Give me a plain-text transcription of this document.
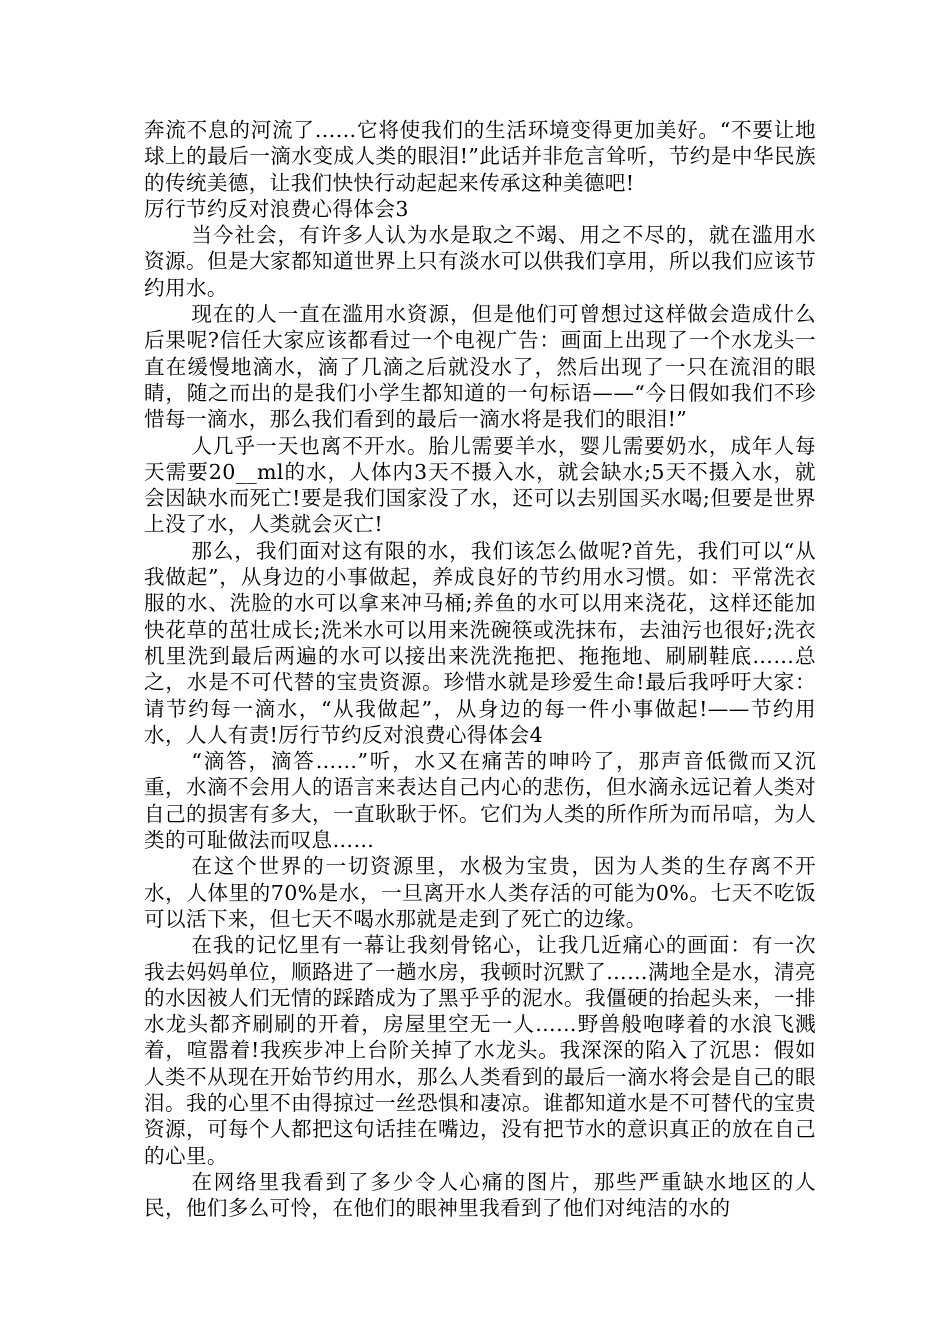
奔流不息的河流了……它将使我们的生活环境变得更加美好。“不要让地球上的最后一滴水变成人类的眼泪!”此话并非危言耸听，节约是中华民族的传统美德，让我们快快行动起起来传承这种美德吧!

厉行节约反对浪费心得体会3

当今社会，有许多人认为水是取之不竭、用之不尽的，就在滥用水资源。但是大家都知道世界上只有淡水可以供我们享用，所以我们应该节约用水。

现在的人一直在滥用水资源，但是他们可曾想过这样做会造成什么后果呢?信任大家应该都看过一个电视广告：画面上出现了一个水龙头一直在缓慢地滴水，滴了几滴之后就没水了，然后出现了一只在流泪的眼睛，随之而出的是我们小学生都知道的一句标语——“今日假如我们不珍惜每一滴水，那么我们看到的最后一滴水将是我们的眼泪!”

人几乎一天也离不开水。胎儿需要羊水，婴儿需要奶水，成年人每天需要20__ml的水，人体内3天不摄入水，就会缺水;5天不摄入水，就会因缺水而死亡!要是我们国家没了水，还可以去别国买水喝;但要是世界上没了水，人类就会灭亡!

那么，我们面对这有限的水，我们该怎么做呢?首先，我们可以“从我做起”，从身边的小事做起，养成良好的节约用水习惯。如：平常洗衣服的水、洗脸的水可以拿来冲马桶;养鱼的水可以用来浇花，这样还能加快花草的茁壮成长;洗米水可以用来洗碗筷或洗抹布，去油污也很好;洗衣机里洗到最后两遍的水可以接出来洗洗拖把、拖拖地、刷刷鞋底……总之，水是不可代替的宝贵资源。珍惜水就是珍爱生命!最后我呼吁大家：请节约每一滴水，“从我做起”，从身边的每一件小事做起!——节约用水，人人有责!厉行节约反对浪费心得体会4

“滴答，滴答……”听，水又在痛苦的呻吟了，那声音低微而又沉重，水滴不会用人的语言来表达自己内心的悲伤，但水滴永远记着人类对自己的损害有多大，一直耿耿于怀。它们为人类的所作所为而吊唁，为人类的可耻做法而叹息……

在这个世界的一切资源里，水极为宝贵，因为人类的生存离不开水，人体里的70%是水，一旦离开水人类存活的可能为0%。七天不吃饭可以活下来，但七天不喝水那就是走到了死亡的边缘。

在我的记忆里有一幕让我刻骨铭心，让我几近痛心的画面：有一次我去妈妈单位，顺路进了一趟水房，我顿时沉默了……满地全是水，清亮的水因被人们无情的踩踏成为了黑乎乎的泥水。我僵硬的抬起头来，一排水龙头都齐刷刷的开着，房屋里空无一人……野兽般咆哮着的水浪飞溅着，喧嚣着!我疾步冲上台阶关掉了水龙头。我深深的陷入了沉思：假如人类不从现在开始节约用水，那么人类看到的最后一滴水将会是自己的眼泪。我的心里不由得掠过一丝恐惧和凄凉。谁都知道水是不可替代的宝贵资源，可每个人都把这句话挂在嘴边，没有把节水的意识真正的放在自己的心里。

在网络里我看到了多少令人心痛的图片，那些严重缺水地区的人民，他们多么可怜，在他们的眼神里我看到了他们对纯洁的水的
